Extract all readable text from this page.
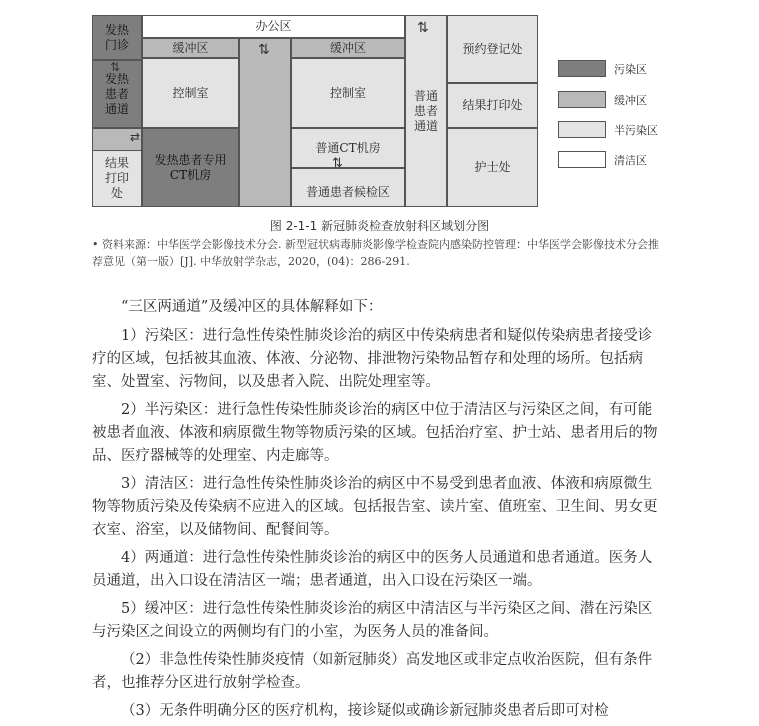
发热门诊
发热患者通道
结果打印处
办公区
缓冲区	缓冲区
控制室	控制室
发热患者专用CT机房
普通CT机房
普通患者候检区
普通患者通道
预约登记处
结果打印处
护士处
⇅
⇅
⇅
⇄
⇅
污染区
缓冲区
半污染区
清洁区
图 2-1-1 新冠肺炎检查放射科区域划分图
• 资料来源：中华医学会影像技术分会. 新型冠状病毒肺炎影像学检查院内感染防控管理：中华医学会影像技术分会推荐意见（第一版）[J]. 中华放射学杂志，2020，(04)：286-291.

“三区两通道”及缓冲区的具体解释如下：

1）污染区：进行急性传染性肺炎诊治的病区中传染病患者和疑似传染病患者接受诊疗的区域，包括被其血液、体液、分泌物、排泄物污染物品暂存和处理的场所。包括病室、处置室、污物间，以及患者入院、出院处理室等。

2）半污染区：进行急性传染性肺炎诊治的病区中位于清洁区与污染区之间，有可能被患者血液、体液和病原微生物等物质污染的区域。包括治疗室、护士站、患者用后的物品、医疗器械等的处理室、内走廊等。

3）清洁区：进行急性传染性肺炎诊治的病区中不易受到患者血液、体液和病原微生物等物质污染及传染病不应进入的区域。包括报告室、读片室、值班室、卫生间、男女更衣室、浴室，以及储物间、配餐间等。

4）两通道：进行急性传染性肺炎诊治的病区中的医务人员通道和患者通道。医务人员通道，出入口设在清洁区一端；患者通道，出入口设在污染区一端。

5）缓冲区：进行急性传染性肺炎诊治的病区中清洁区与半污染区之间、潜在污染区与污染区之间设立的两侧均有门的小室，为医务人员的准备间。

（2）非急性传染性肺炎疫情（如新冠肺炎）高发地区或非定点收治医院，但有条件者，也推荐分区进行放射学检查。

（3）无条件明确分区的医疗机构，接诊疑似或确诊新冠肺炎患者后即可对检
